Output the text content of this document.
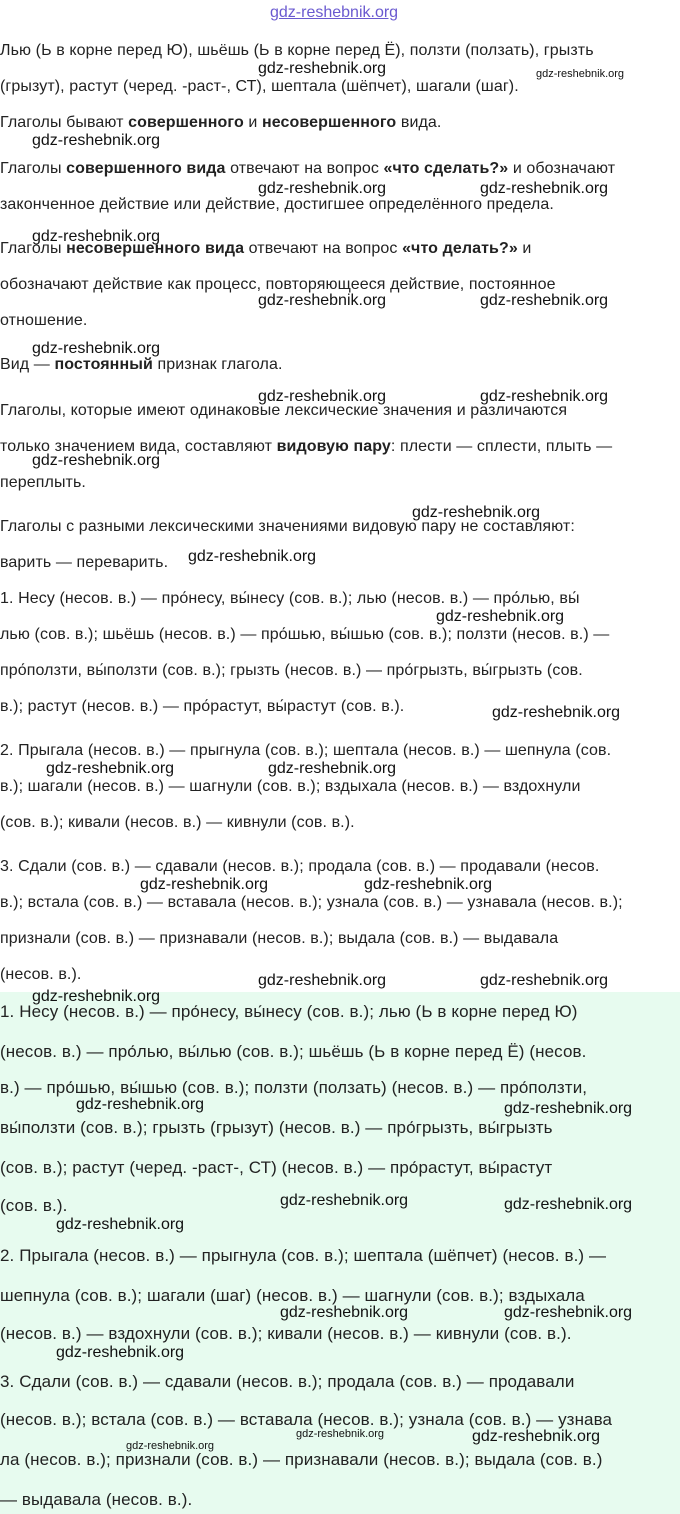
gdz-reshebnik.org
Лью (Ь в корне перед Ю), шьёшь (Ь в корне перед Ё), ползти (ползать), грызть
(грызут), растут (черед. -раст-, СТ), шептала (шёпчет), шагали (шаг).
Глаголы бывают совершенного и несовершенного вида.
Глаголы совершенного вида отвечают на вопрос «что сделать?» и обозначают
законченное действие или действие, достигшее определённого предела.
Глаголы несовершенного вида отвечают на вопрос «что делать?» и
обозначают действие как процесс, повторяющееся действие, постоянное
отношение.
Вид — постоянный признак глагола.
Глаголы, которые имеют одинаковые лексические значения и различаются
только значением вида, составляют видовую пару: плести — сплести, плыть —
переплыть.
Глаголы с разными лексическими значениями видовую пару не составляют:
варить — переварить.
1. Несу (несов. в.) — про́несу, вы́несу (сов. в.); лью (несов. в.) — про́лью, вы́
лью (сов. в.); шьёшь (несов. в.) — про́шью, вы́шью (сов. в.); ползти (несов. в.) —
про́ползти, вы́ползти (сов. в.); грызть (несов. в.) — про́грызть, вы́грызть (сов.
в.); растут (несов. в.) — про́растут, вы́растут (сов. в.).
2. Прыгала (несов. в.) — прыгнула (сов. в.); шептала (несов. в.) — шепнула (сов.
в.); шагали (несов. в.) — шагнули (сов. в.); вздыхала (несов. в.) — вздохнули
(сов. в.); кивали (несов. в.) — кивнули (сов. в.).
3. Сдали (сов. в.) — сдавали (несов. в.); продала (сов. в.) — продавали (несов.
в.); встала (сов. в.) — вставала (несов. в.); узнала (сов. в.) — узнавала (несов. в.);
признали (сов. в.) — признавали (несов. в.); выдала (сов. в.) — выдавала
(несов. в.).
1. Несу (несов. в.) — про́несу, вы́несу (сов. в.); лью (Ь в корне перед Ю)
(несов. в.) — про́лью, вы́лью (сов. в.); шьёшь (Ь в корне перед Ё) (несов.
в.) — про́шью, вы́шью (сов. в.); ползти (ползать) (несов. в.) — про́ползти,
вы́ползти (сов. в.); грызть (грызут) (несов. в.) — про́грызть, вы́грызть
(сов. в.); растут (черед. -раст-, СТ) (несов. в.) — про́растут, вы́растут
(сов. в.).
2. Прыгала (несов. в.) — прыгнула (сов. в.); шептала (шёпчет) (несов. в.) —
шепнула (сов. в.); шагали (шаг) (несов. в.) — шагнули (сов. в.); вздыхала
(несов. в.) — вздохнули (сов. в.); кивали (несов. в.) — кивнули (сов. в.).
3. Сдали (сов. в.) — сдавали (несов. в.); продала (сов. в.) — продавали
(несов. в.); встала (сов. в.) — вставала (несов. в.); узнала (сов. в.) — узнава
ла (несов. в.); признали (сов. в.) — признавали (несов. в.); выдала (сов. в.)
— выдавала (несов. в.).
gdz-reshebnik.org	gdz-reshebnik.org
gdz-reshebnik.org
gdz-reshebnik.org	gdz-reshebnik.org
gdz-reshebnik.org
gdz-reshebnik.org	gdz-reshebnik.org
gdz-reshebnik.org
gdz-reshebnik.org	gdz-reshebnik.org
gdz-reshebnik.org
gdz-reshebnik.org
gdz-reshebnik.org
gdz-reshebnik.org
gdz-reshebnik.org
gdz-reshebnik.org	gdz-reshebnik.org
gdz-reshebnik.org	gdz-reshebnik.org
gdz-reshebnik.org	gdz-reshebnik.org
gdz-reshebnik.org
gdz-reshebnik.org	gdz-reshebnik.org
gdz-reshebnik.org	gdz-reshebnik.org
gdz-reshebnik.org
gdz-reshebnik.org	gdz-reshebnik.org
gdz-reshebnik.org
gdz-reshebnik.org
gdz-reshebnik.org	gdz-reshebnik.org
